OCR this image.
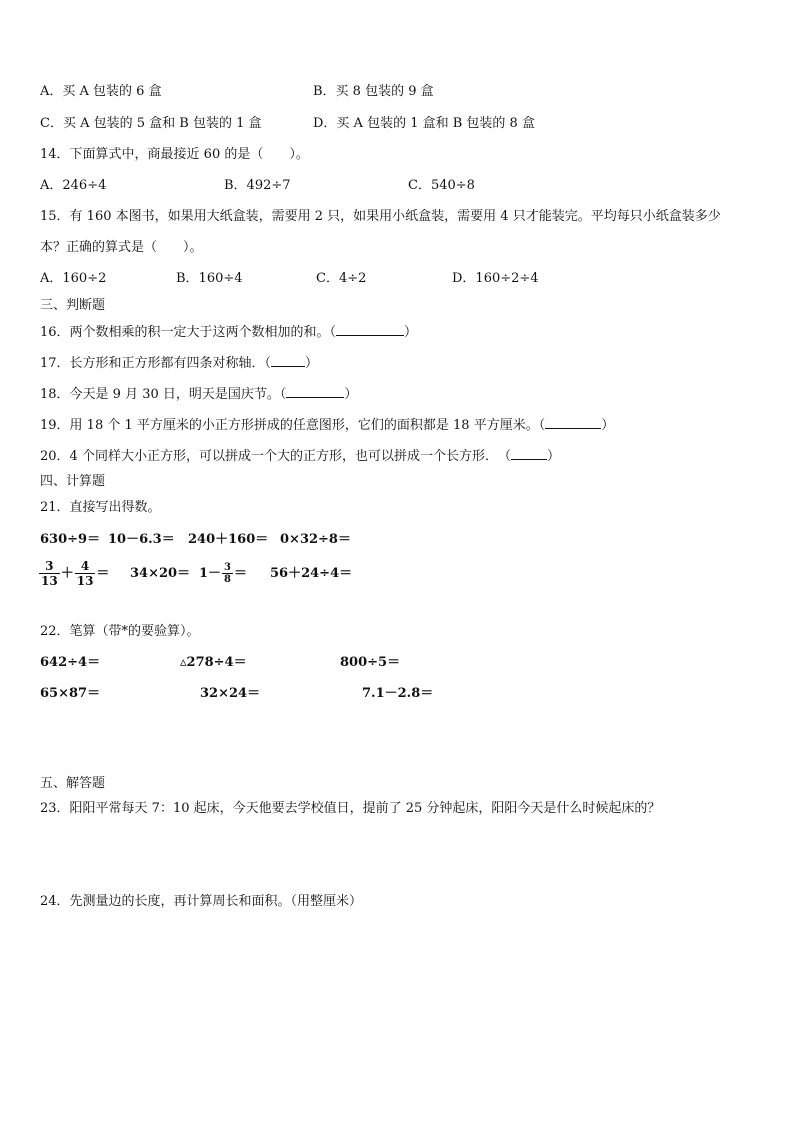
A．买 A 包装的 6 盒	B．买 8 包装的 9 盒
C．买 A 包装的 5 盒和 B 包装的 1 盒	D．买 A 包装的 1 盒和 B 包装的 8 盒
14．下面算式中，商最接近 60 的是（　　）。
A．246÷4	B．492÷7	C．540÷8
15．有 160 本图书，如果用大纸盒装，需要用 2 只，如果用小纸盒装，需要用 4 只才能装完。平均每只小纸盒装多少
本？正确的算式是（　　）。
A．160÷2	B．160÷4	C．4÷2	D．160÷2÷4
三、判断题
16．两个数相乘的积一定大于这两个数相加的和。（	）
17．长方形和正方形都有四条对称轴．（	）
18．今天是 9 月 30 日，明天是国庆节。（	）
19．用 18 个 1 平方厘米的小正方形拼成的任意图形，它们的面积都是 18 平方厘米。（	）
20．4 个同样大小正方形，可以拼成一个大的正方形，也可以拼成一个长方形．　（	）
四、计算题
21．直接写出得数。
630÷9＝ 10－6.3＝ 240＋160＝ 0×32÷8＝
$\frac{3}{13} + \frac{4}{13} = 34\times 20= 1- \frac{3}{8} = 56+24\div 4=$
22．笔算（带*的要验算）。
642÷4＝	▵278÷4＝	800÷5＝
65×87＝	32×24＝	7.1－2.8＝
五、解答题
23．阳阳平常每天 7：10 起床，今天他要去学校值日，提前了 25 分钟起床，阳阳今天是什么时候起床的？
24．先测量边的长度，再计算周长和面积。（用整厘米）
